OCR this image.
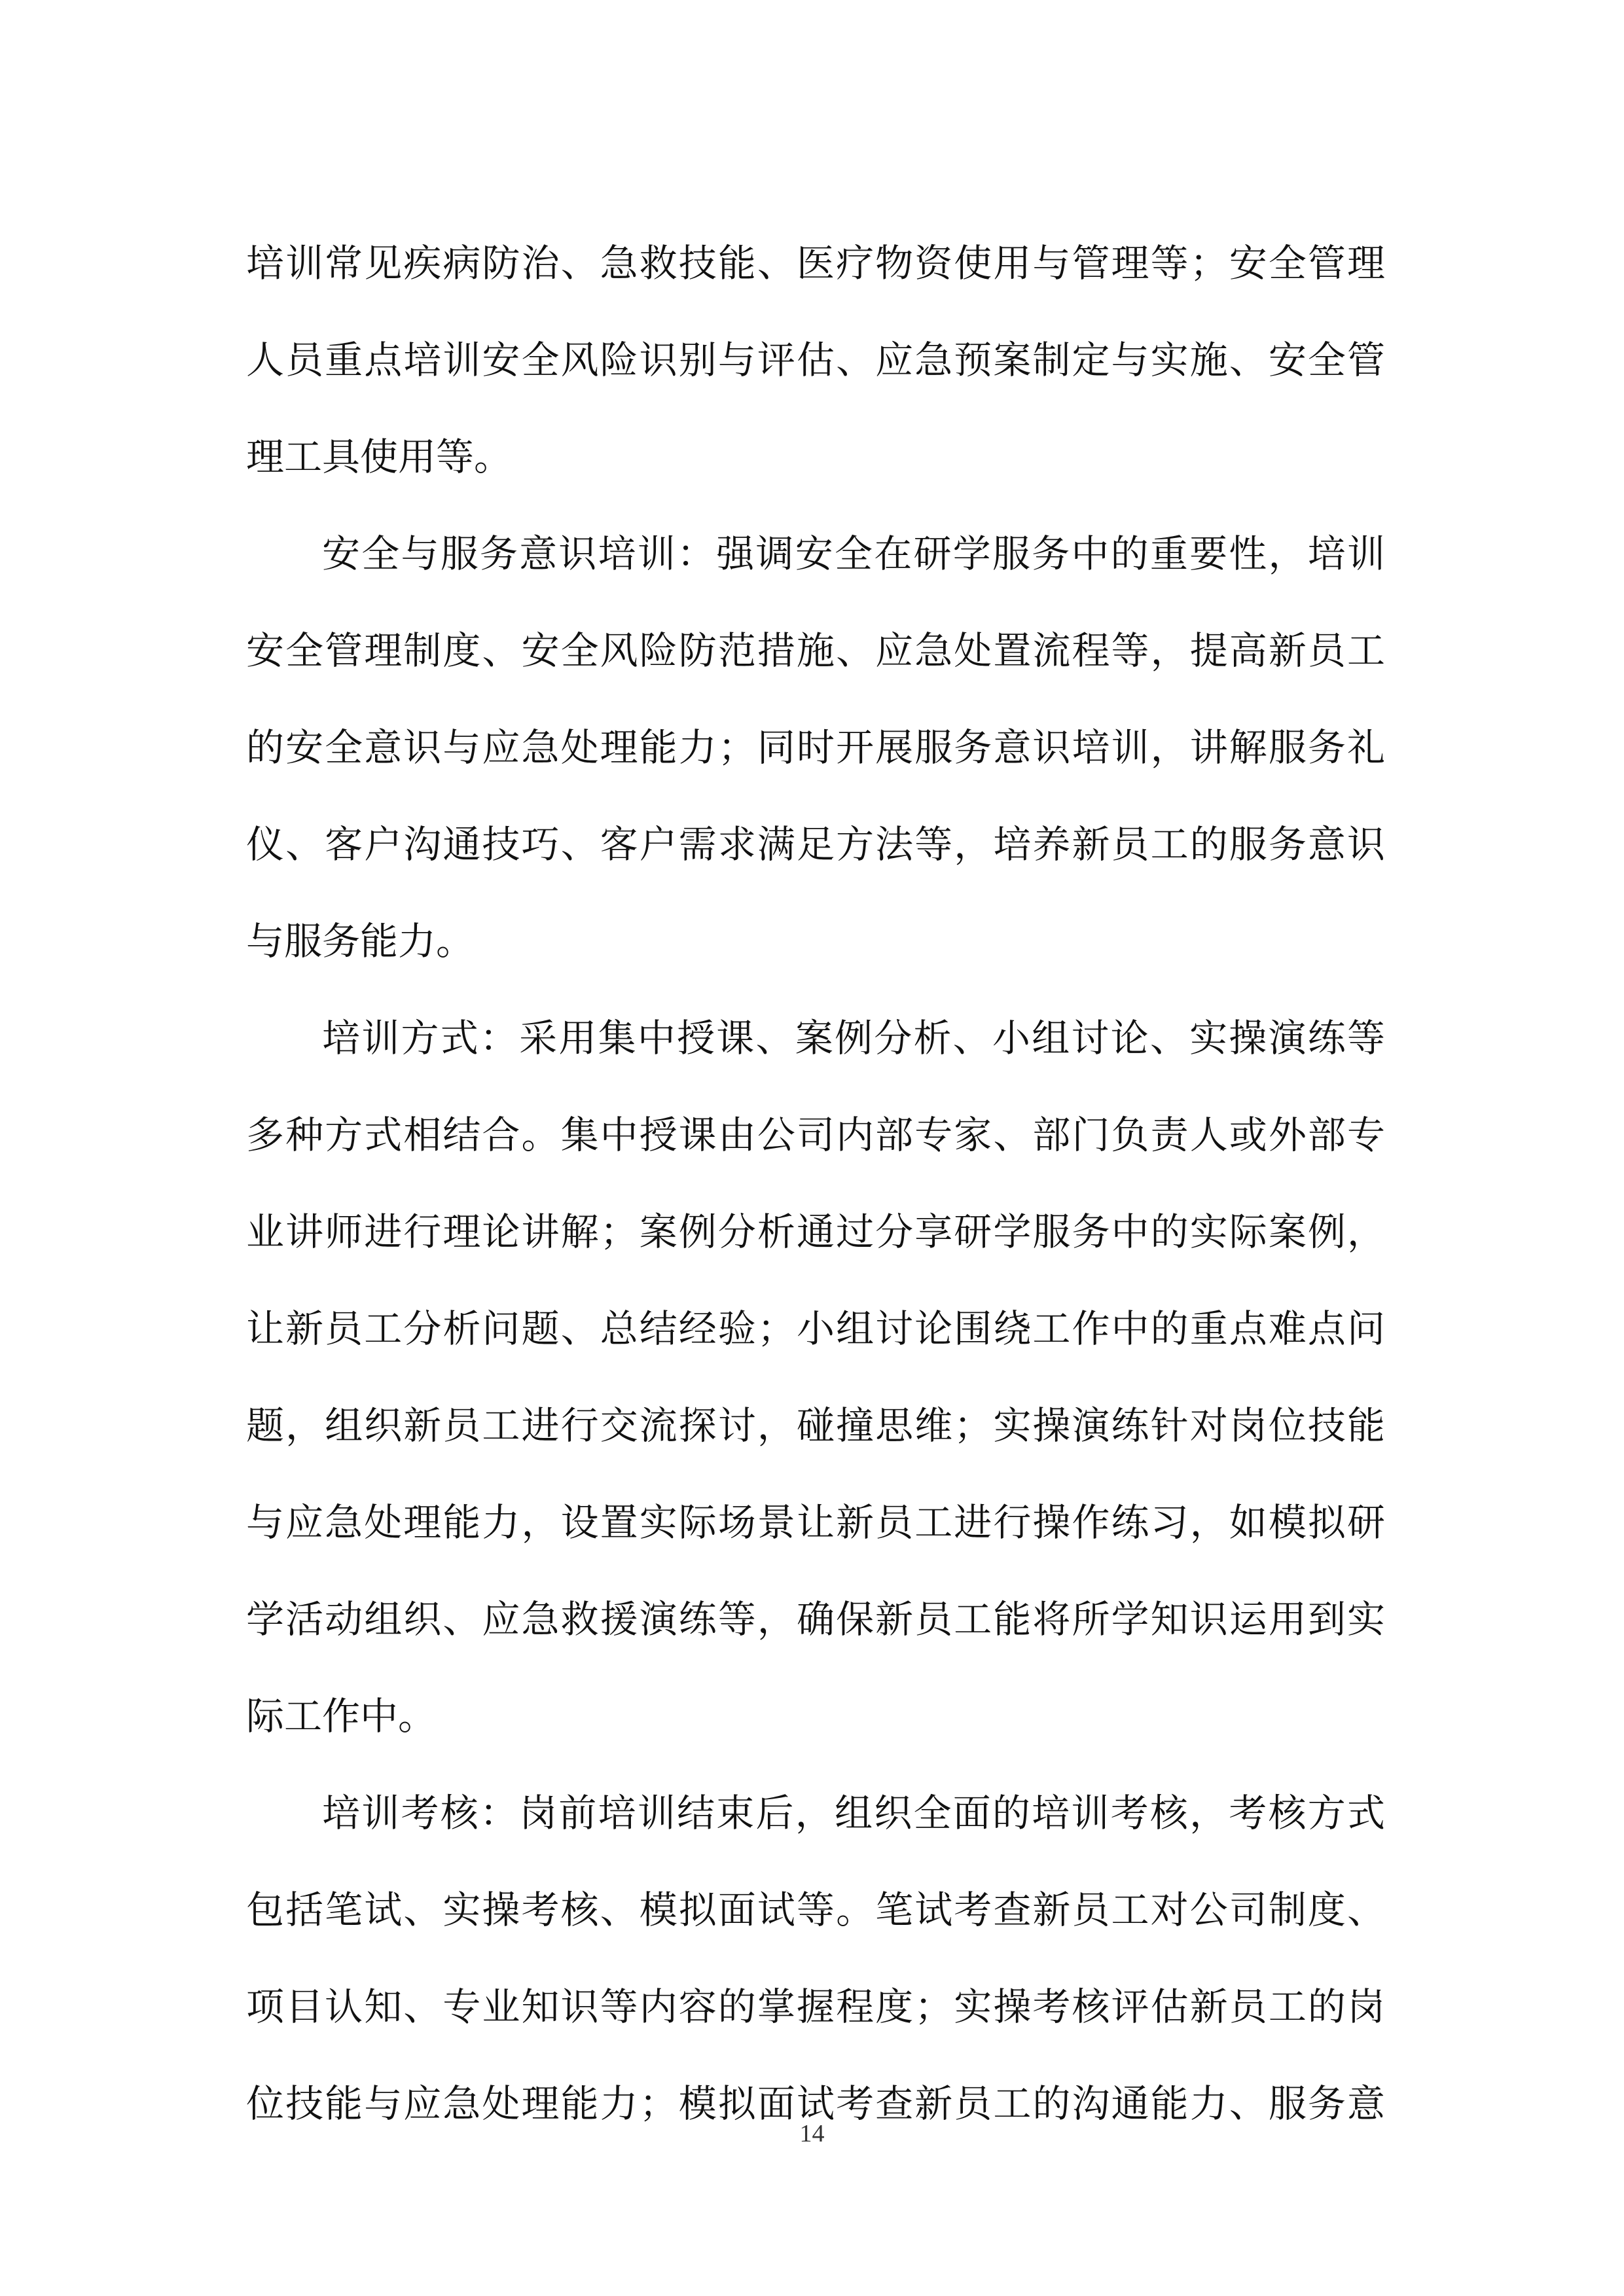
培训常见疾病防治、急救技能、医疗物资使用与管理等；安全管理
人员重点培训安全风险识别与评估、应急预案制定与实施、安全管
理工具使用等。
安全与服务意识培训：强调安全在研学服务中的重要性，培训
安全管理制度、安全风险防范措施、应急处置流程等，提高新员工
的安全意识与应急处理能力；同时开展服务意识培训，讲解服务礼
仪、客户沟通技巧、客户需求满足方法等，培养新员工的服务意识
与服务能力。
培训方式：采用集中授课、案例分析、小组讨论、实操演练等
多种方式相结合。集中授课由公司内部专家、部门负责人或外部专
业讲师进行理论讲解；案例分析通过分享研学服务中的实际案例，
让新员工分析问题、总结经验；小组讨论围绕工作中的重点难点问
题，组织新员工进行交流探讨，碰撞思维；实操演练针对岗位技能
与应急处理能力，设置实际场景让新员工进行操作练习，如模拟研
学活动组织、应急救援演练等，确保新员工能将所学知识运用到实
际工作中。
培训考核：岗前培训结束后，组织全面的培训考核，考核方式
包括笔试、实操考核、模拟面试等。笔试考查新员工对公司制度、
项目认知、专业知识等内容的掌握程度；实操考核评估新员工的岗
位技能与应急处理能力；模拟面试考查新员工的沟通能力、服务意
14
